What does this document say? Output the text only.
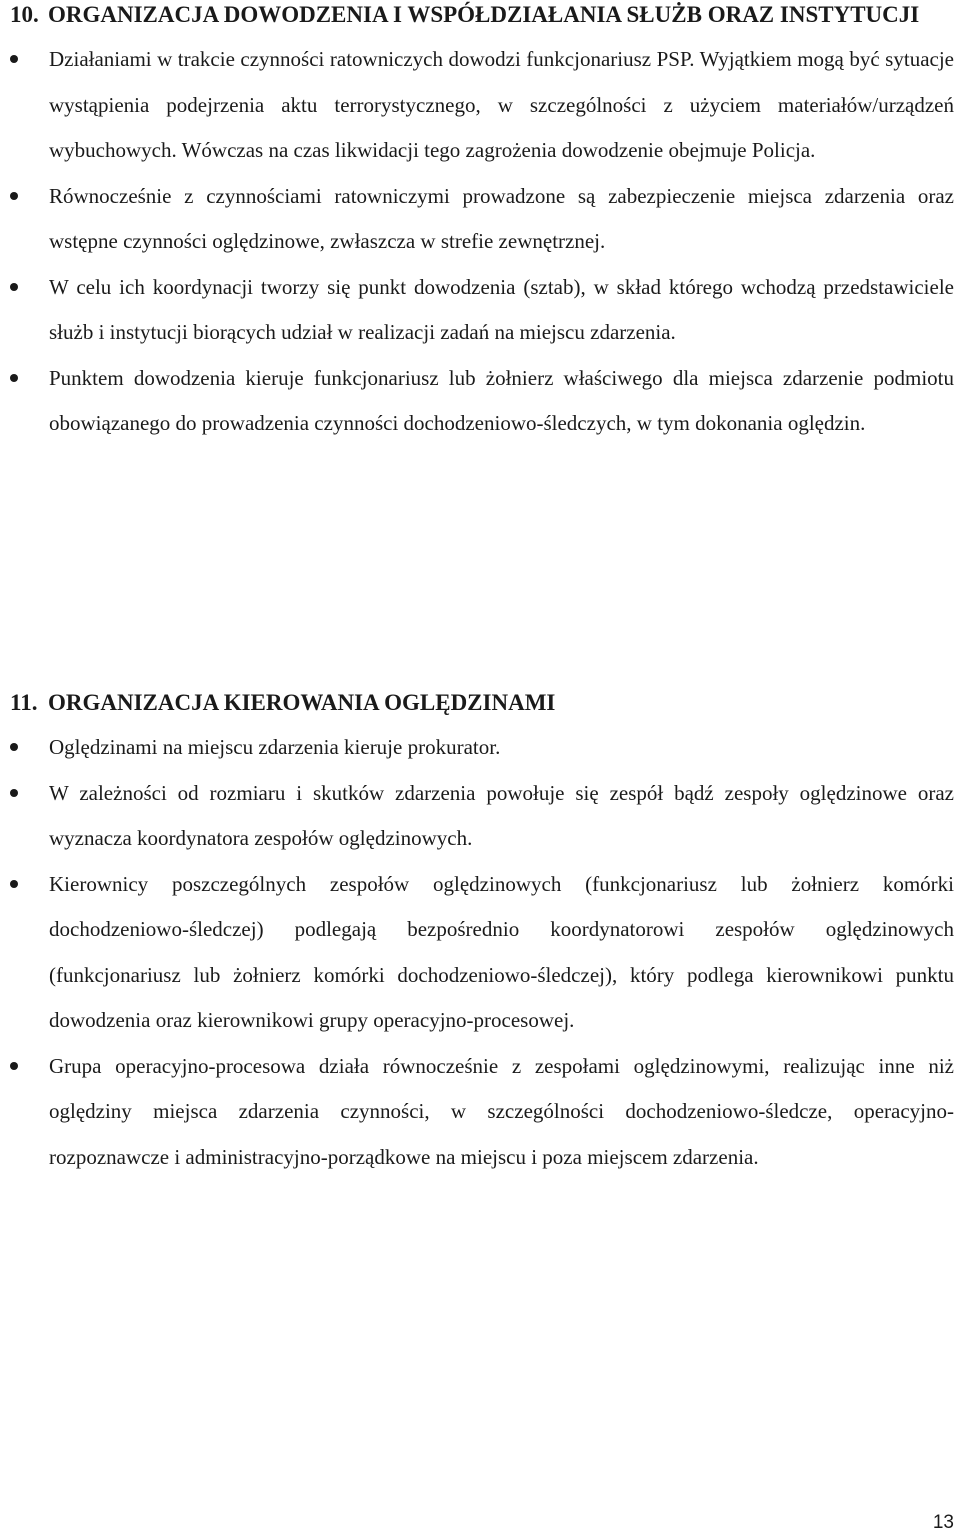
10. ORGANIZACJA DOWODZENIA I WSPÓŁDZIAŁANIA SŁUŻB ORAZ INSTYTUCJI
Działaniami w trakcie czynności ratowniczych dowodzi funkcjonariusz PSP. Wyjątkiem mogą być sytuacje wystąpienia podejrzenia aktu terrorystycznego, w szczególności z użyciem materiałów/urządzeń wybuchowych. Wówczas na czas likwidacji tego zagrożenia dowodzenie obejmuje Policja.
Równocześnie z czynnościami ratowniczymi prowadzone są zabezpieczenie miejsca zdarzenia oraz wstępne czynności oględzinowe, zwłaszcza w strefie zewnętrznej.
W celu ich koordynacji tworzy się punkt dowodzenia (sztab), w skład którego wchodzą przedstawiciele służb i instytucji biorących udział w realizacji zadań na miejscu zdarzenia.
Punktem dowodzenia kieruje funkcjonariusz lub żołnierz właściwego dla miejsca zdarzenie podmiotu obowiązanego do prowadzenia czynności dochodzeniowo-śledczych, w tym dokonania oględzin.
11. ORGANIZACJA KIEROWANIA OGLĘDZINAMI
Oględzinami na miejscu zdarzenia kieruje prokurator.
W zależności od rozmiaru i skutków zdarzenia powołuje się zespół bądź zespoły oględzinowe oraz wyznacza koordynatora zespołów oględzinowych.
Kierownicy poszczególnych zespołów oględzinowych (funkcjonariusz lub żołnierz komórki dochodzeniowo-śledczej) podlegają bezpośrednio koordynatorowi zespołów oględzinowych (funkcjonariusz lub żołnierz komórki dochodzeniowo-śledczej), który podlega kierownikowi punktu dowodzenia oraz kierownikowi grupy operacyjno-procesowej.
Grupa operacyjno-procesowa działa równocześnie z zespołami oględzinowymi, realizując inne niż oględziny miejsca zdarzenia czynności, w szczególności dochodzeniowo-śledcze, operacyjno-rozpoznawcze i administracyjno-porządkowe na miejscu i poza miejscem zdarzenia.
13
